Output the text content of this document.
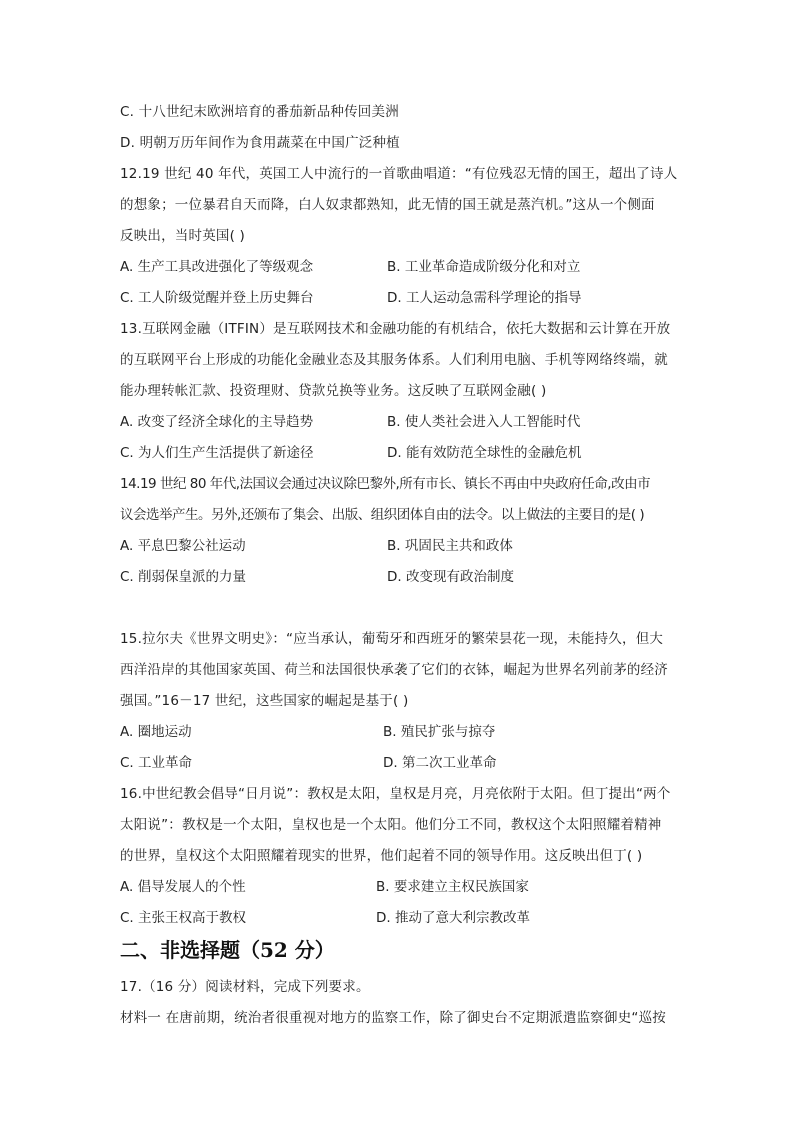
C. 十八世纪末欧洲培育的番茄新品种传回美洲
D. 明朝万历年间作为食用蔬菜在中国广泛种植
12.19 世纪 40 年代，英国工人中流行的一首歌曲唱道：“有位残忍无情的国王，超出了诗人
的想象；一位暴君自天而降，白人奴隶都熟知，此无情的国王就是蒸汽机。”这从一个侧面
反映出，当时英国( )
A. 生产工具改进强化了等级观念	B. 工业革命造成阶级分化和对立
C. 工人阶级觉醒并登上历史舞台	D. 工人运动急需科学理论的指导
13.互联网金融（ITFIN）是互联网技术和金融功能的有机结合，依托大数据和云计算在开放
的互联网平台上形成的功能化金融业态及其服务体系。人们利用电脑、手机等网络终端，就
能办理转帐汇款、投资理财、贷款兑换等业务。这反映了互联网金融( )
A. 改变了经济全球化的主导趋势	B. 使人类社会进入人工智能时代
C. 为人们生产生活提供了新途径	D. 能有效防范全球性的金融危机
14.19 世纪 80 年代,法国议会通过决议除巴黎外,所有市长、镇长不再由中央政府任命,改由市
议会选举产生。另外,还颁布了集会、出版、组织团体自由的法令。以上做法的主要目的是( )
A. 平息巴黎公社运动	B. 巩固民主共和政体
C. 削弱保皇派的力量	D. 改变现有政治制度
15.拉尔夫《世界文明史》：“应当承认，葡萄牙和西班牙的繁荣昙花一现，未能持久，但大
西洋沿岸的其他国家英国、荷兰和法国很快承袭了它们的衣钵，崛起为世界名列前茅的经济
强国。”16－17 世纪，这些国家的崛起是基于( )
A. 圈地运动	B. 殖民扩张与掠夺
C. 工业革命	D. 第二次工业革命
16.中世纪教会倡导“日月说”：教权是太阳，皇权是月亮，月亮依附于太阳。但丁提出“两个
太阳说”：教权是一个太阳，皇权也是一个太阳。他们分工不同，教权这个太阳照耀着精神
的世界，皇权这个太阳照耀着现实的世界，他们起着不同的领导作用。这反映出但丁( )
A. 倡导发展人的个性	B. 要求建立主权民族国家
C. 主张王权高于教权	D. 推动了意大利宗教改革
二、非选择题（52 分）
17.（16 分）阅读材料，完成下列要求。
材料一 在唐前期，统治者很重视对地方的监察工作，除了御史台不定期派遣监察御史“巡按
